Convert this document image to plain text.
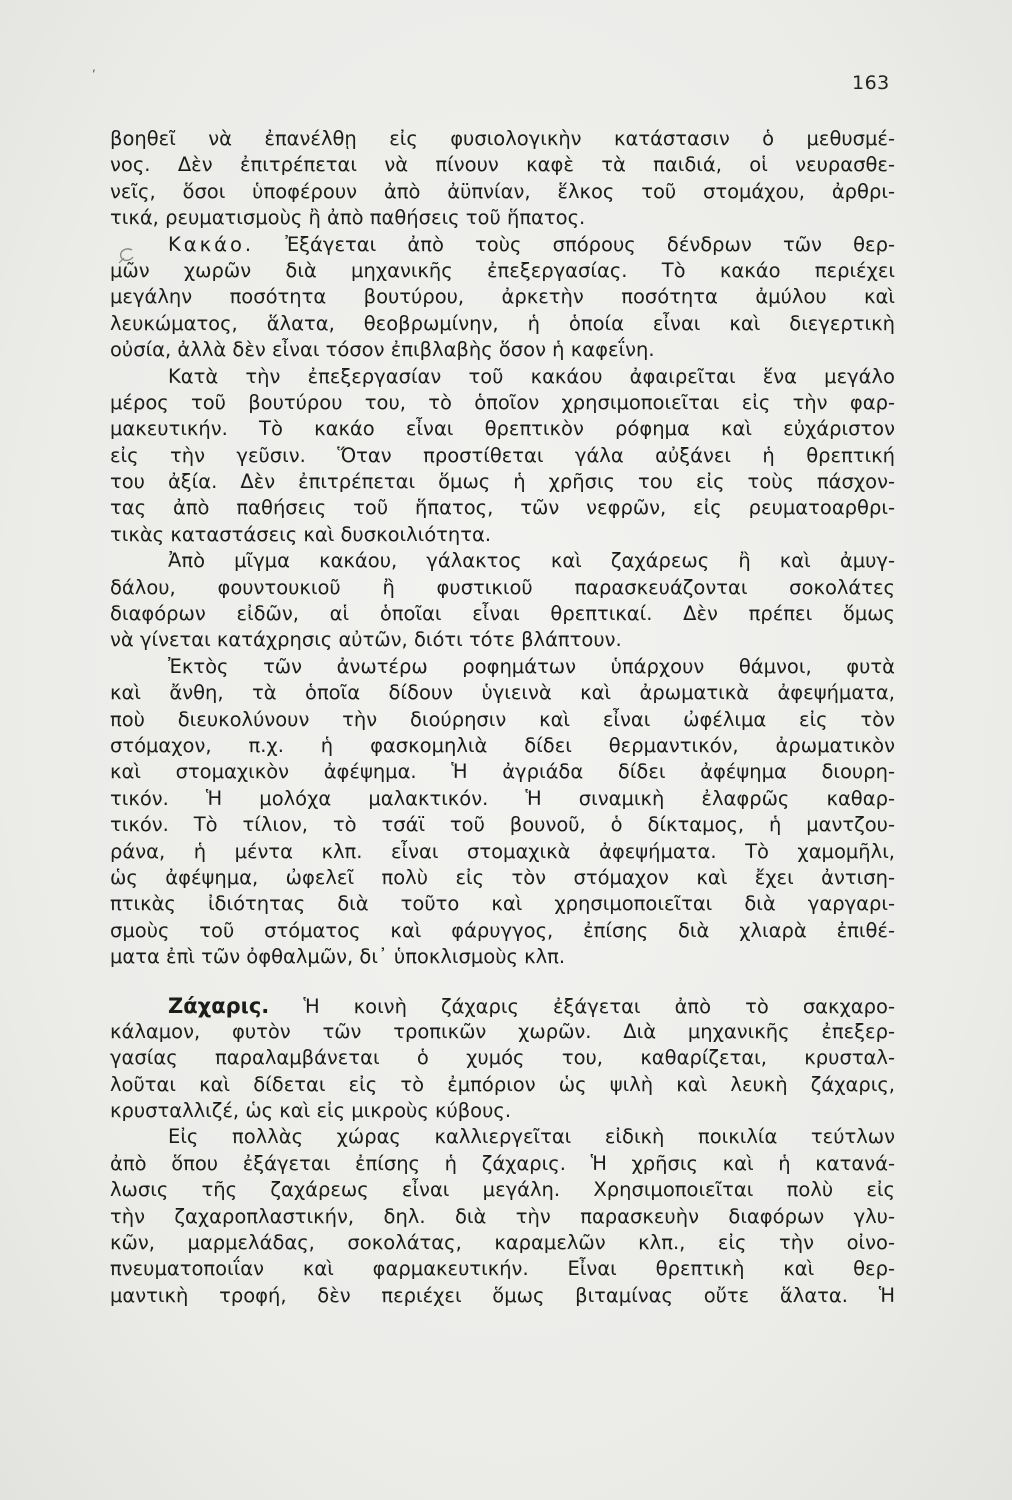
,
163
βοηθεῖ νὰ ἐπανέλθῃ εἰς φυσιολογικὴν κατάστασιν ὁ μεθυσμέ-
νος. Δὲν ἐπιτρέπεται νὰ πίνουν καφὲ τὰ παιδιά, οἱ νευρασθε-
νεῖς, ὅσοι ὑποφέρουν ἀπὸ ἀϋπνίαν, ἕλκος τοῦ στομάχου, ἀρθρι-
τικά, ρευματισμοὺς ἢ ἀπὸ παθήσεις τοῦ ἥπατος.
Κακάο. Ἐξάγεται ἀπὸ τοὺς σπόρους δένδρων τῶν θερ-
μῶν χωρῶν διὰ μηχανικῆς ἐπεξεργασίας. Τὸ κακάο περιέχει
μεγάλην ποσότητα βουτύρου, ἀρκετὴν ποσότητα ἀμύλου καὶ
λευκώματος, ἅλατα, θεοβρωμίνην, ἡ ὁποία εἶναι καὶ διεγερτικὴ
οὐσία, ἀλλὰ δὲν εἶναι τόσον ἐπιβλαβὴς ὅσον ἡ καφεΐνη.
Κατὰ τὴν ἐπεξεργασίαν τοῦ κακάου ἀφαιρεῖται ἕνα μεγάλο
μέρος τοῦ βουτύρου του, τὸ ὁποῖον χρησιμοποιεῖται εἰς τὴν φαρ-
μακευτικήν. Τὸ κακάο εἶναι θρεπτικὸν ρόφημα καὶ εὐχάριστον
εἰς τὴν γεῦσιν. Ὅταν προστίθεται γάλα αὐξάνει ἡ θρεπτική
του ἀξία. Δὲν ἐπιτρέπεται ὅμως ἡ χρῆσις του εἰς τοὺς πάσχον-
τας ἀπὸ παθήσεις τοῦ ἥπατος, τῶν νεφρῶν, εἰς ρευματοαρθρι-
τικὰς καταστάσεις καὶ δυσκοιλιότητα.
Ἀπὸ μῖγμα κακάου, γάλακτος καὶ ζαχάρεως ἢ καὶ ἀμυγ-
δάλου, φουντουκιοῦ ἢ φυστικιοῦ παρασκευάζονται σοκολάτες
διαφόρων εἰδῶν, αἱ ὁποῖαι εἶναι θρεπτικαί. Δὲν πρέπει ὅμως
νὰ γίνεται κατάχρησις αὐτῶν, διότι τότε βλάπτουν.
Ἐκτὸς τῶν ἀνωτέρω ροφημάτων ὑπάρχουν θάμνοι, φυτὰ
καὶ ἄνθη, τὰ ὁποῖα δίδουν ὑγιεινὰ καὶ ἀρωματικὰ ἀφεψήματα,
ποὺ διευκολύνουν τὴν διούρησιν καὶ εἶναι ὠφέλιμα εἰς τὸν
στόμαχον, π.χ. ἡ φασκομηλιὰ δίδει θερμαντικόν, ἀρωματικὸν
καὶ στομαχικὸν ἀφέψημα. Ἡ ἀγριάδα δίδει ἀφέψημα διουρη-
τικόν. Ἡ μολόχα μαλακτικόν. Ἡ σιναμικὴ ἐλαφρῶς καθαρ-
τικόν. Τὸ τίλιον, τὸ τσάϊ τοῦ βουνοῦ, ὁ δίκταμος, ἡ μαντζου-
ράνα, ἡ μέντα κλπ. εἶναι στομαχικὰ ἀφεψήματα. Τὸ χαμομῆλι,
ὡς ἀφέψημα, ὠφελεῖ πολὺ εἰς τὸν στόμαχον καὶ ἔχει ἀντιση-
πτικὰς ἰδιότητας διὰ τοῦτο καὶ χρησιμοποιεῖται διὰ γαργαρι-
σμοὺς τοῦ στόματος καὶ φάρυγγος, ἐπίσης διὰ χλιαρὰ ἐπιθέ-
ματα ἐπὶ τῶν ὀφθαλμῶν, δι᾿ ὑποκλισμοὺς κλπ.
Ζάχαρις. Ἡ κοινὴ ζάχαρις ἐξάγεται ἀπὸ τὸ σακχαρο-
κάλαμον, φυτὸν τῶν τροπικῶν χωρῶν. Διὰ μηχανικῆς ἐπεξερ-
γασίας παραλαμβάνεται ὁ χυμός του, καθαρίζεται, κρυσταλ-
λοῦται καὶ δίδεται εἰς τὸ ἐμπόριον ὡς ψιλὴ καὶ λευκὴ ζάχαρις,
κρυσταλλιζέ, ὡς καὶ εἰς μικροὺς κύβους.
Εἰς πολλὰς χώρας καλλιεργεῖται εἰδικὴ ποικιλία τεύτλων
ἀπὸ ὅπου ἐξάγεται ἐπίσης ἡ ζάχαρις. Ἡ χρῆσις καὶ ἡ κατανά-
λωσις τῆς ζαχάρεως εἶναι μεγάλη. Χρησιμοποιεῖται πολὺ εἰς
τὴν ζαχαροπλαστικήν, δηλ. διὰ τὴν παρασκευὴν διαφόρων γλυ-
κῶν, μαρμελάδας, σοκολάτας, καραμελῶν κλπ., εἰς τὴν οἰνο-
πνευματοποιΐαν καὶ φαρμακευτικήν. Εἶναι θρεπτικὴ καὶ θερ-
μαντικὴ τροφή, δὲν περιέχει ὅμως βιταμίνας οὔτε ἅλατα. Ἡ
